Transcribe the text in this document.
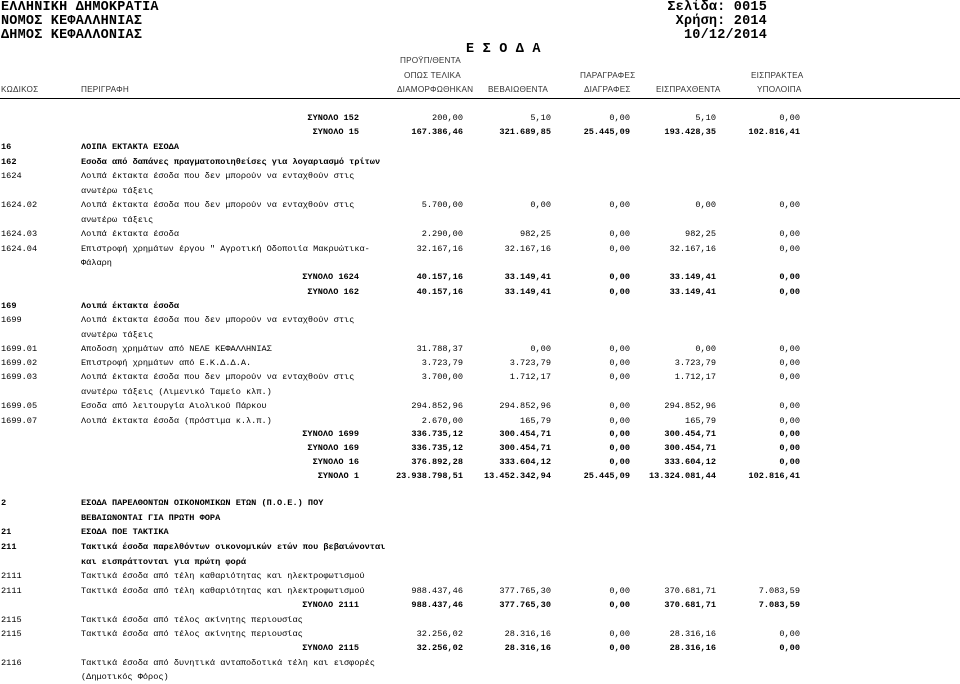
ΕΛΛΗΝΙΚΗ ΔΗΜΟΚΡΑΤΙΑ
ΝΟΜΟΣ ΚΕΦΑΛΛΗΝΙΑΣ
ΔΗΜΟΣ ΚΕΦΑΛΛΟΝΙΑΣ
Σελίδα: 0015
Χρήση: 2014
10/12/2014
Ε Σ Ο Δ Α
ΠΡΟΫΠ/ΘΕΝΤΑ
ΟΠΩΣ ΤΕΛΙΚΑ	ΠΑΡΑΓΡΑΦΕΣ	ΕΙΣΠΡΑΚΤΕΑ
ΚΩΔΙΚΟΣ	ΠΕΡΙΓΡΑΦΗ	ΔΙΑΜΟΡΦΩΘΗΚΑΝ ΒΕΒΑΙΩΘΕΝΤΑ	ΔΙΑΓΡΑΦΕΣ	ΕΙΣΠΡΑΧΘΕΝΤΑ	ΥΠΟΛΟΙΠΑ
ΣΥΝΟΛΟ 152	200,00	5,10	0,00	5,10	0,00
ΣΥΝΟΛΟ 15	167.386,46	321.689,85	25.445,09	193.428,35	102.816,41
16	ΛΟΙΠΑ ΕΚΤΑΚΤΑ ΕΣΟΔΑ
162	Εσοδα από δαπάνες πραγματοποιηθείσες για λογαριασμό τρίτων
1624	Λοιπά έκτακτα έσοδα που δεν μπορούν να ενταχθούν στις
ανωτέρω τάξεις
1624.02	Λοιπά έκτακτα έσοδα που δεν μπορούν να ενταχθούν στις	5.700,00	0,00	0,00	0,00	0,00
ανωτέρω τάξεις
1624.03	Λοιπά έκτακτα έσοδα	2.290,00	982,25	0,00	982,25	0,00
1624.04	Επιστροφή χρημάτων έργου " Αγροτική Οδοποιία Μακρυώτικα-	32.167,16	32.167,16	0,00	32.167,16	0,00
Φάλαρη
ΣΥΝΟΛΟ 1624	40.157,16	33.149,41	0,00	33.149,41	0,00
ΣΥΝΟΛΟ 162	40.157,16	33.149,41	0,00	33.149,41	0,00
169	Λοιπά έκτακτα έσοδα
1699	Λοιπά έκτακτα έσοδα που δεν μπορούν να ενταχθούν στις
ανωτέρω τάξεις
1699.01	Αποδοση χρημάτων από ΝΕΛΕ ΚΕΦΑΛΛΗΝΙΑΣ	31.788,37	0,00	0,00	0,00	0,00
1699.02	Επιστροφή χρημάτων από Ε.Κ.Δ.Δ.Α.	3.723,79	3.723,79	0,00	3.723,79	0,00
1699.03	Λοιπά έκτακτα έσοδα που δεν μπορούν να ενταχθούν στις	3.700,00	1.712,17	0,00	1.712,17	0,00
ανωτέρω τάξεις (Λιμενικό Ταμείο κλπ.)
1699.05	Εσοδα από λειτουργία Αιολικού Πάρκου	294.852,96	294.852,96	0,00	294.852,96	0,00
1699.07	Λοιπά έκτακτα έσοδα (πρόστιμα κ.λ.π.)	2.670,00	165,79	0,00	165,79	0,00
ΣΥΝΟΛΟ 1699	336.735,12	300.454,71	0,00	300.454,71	0,00
ΣΥΝΟΛΟ 169	336.735,12	300.454,71	0,00	300.454,71	0,00
ΣΥΝΟΛΟ 16	376.892,28	333.604,12	0,00	333.604,12	0,00
ΣΥΝΟΛΟ 1	23.938.798,51 13.452.342,94	25.445,09 13.324.081,44	102.816,41
2	ΕΣΟΔΑ ΠΑΡΕΛΘΟΝΤΩΝ ΟΙΚΟΝΟΜΙΚΩΝ ΕΤΩΝ (Π.Ο.Ε.) ΠΟΥ
ΒΕΒΑΙΩΝΟΝΤΑΙ ΓΙΑ ΠΡΩΤΗ ΦΟΡΑ
21	ΕΣΟΔΑ ΠΟΕ ΤΑΚΤΙΚΑ
211	Τακτικά έσοδα παρελθόντων οικονομικών ετών που βεβαιώνονται
και εισπράττονται για πρώτη φορά
2111	Τακτικά έσοδα από τέλη καθαριότητας και ηλεκτροφωτισμού
2111	Τακτικά έσοδα από τέλη καθαριότητας και ηλεκτροφωτισμού	988.437,46	377.765,30	0,00	370.681,71	7.083,59
ΣΥΝΟΛΟ 2111	988.437,46	377.765,30	0,00	370.681,71	7.083,59
2115	Τακτικά έσοδα από τέλος ακίνητης περιουσίας
2115	Τακτικά έσοδα από τέλος ακίνητης περιουσίας	32.256,02	28.316,16	0,00	28.316,16	0,00
ΣΥΝΟΛΟ 2115	32.256,02	28.316,16	0,00	28.316,16	0,00
2116	Τακτικά έσοδα από δυνητικά ανταποδοτικά τέλη και εισφορές
(Δημοτικός Φόρος)
